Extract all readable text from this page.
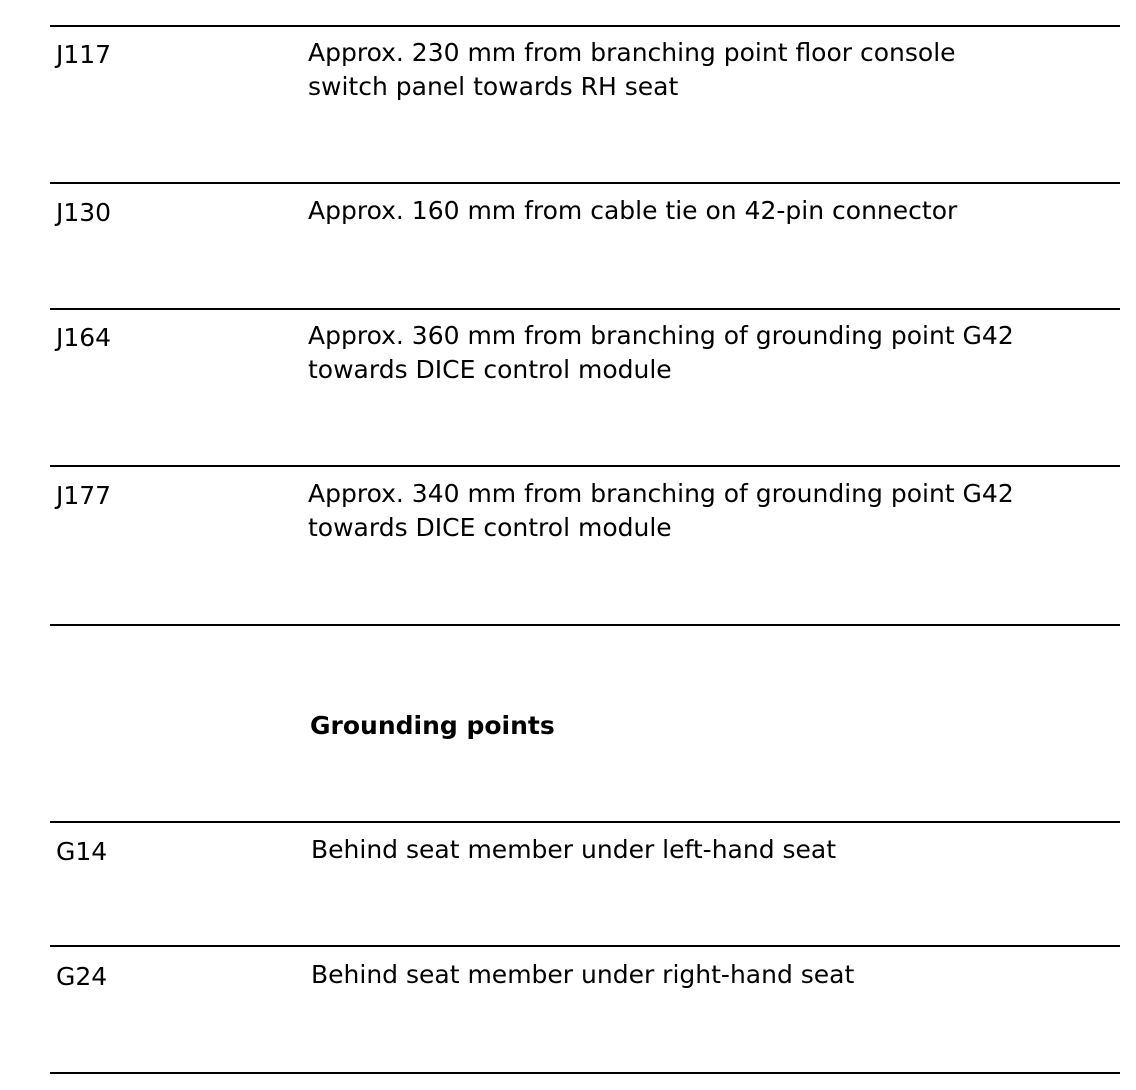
J117	Approx. 230 mm from branching point floor console
switch panel towards RH seat
J130	Approx. 160 mm from cable tie on 42-pin connector
J164	Approx. 360 mm from branching of grounding point G42
towards DICE control module
J177	Approx. 340 mm from branching of grounding point G42
towards DICE control module
Grounding points
G14	Behind seat member under left-hand seat
G24	Behind seat member under right-hand seat
